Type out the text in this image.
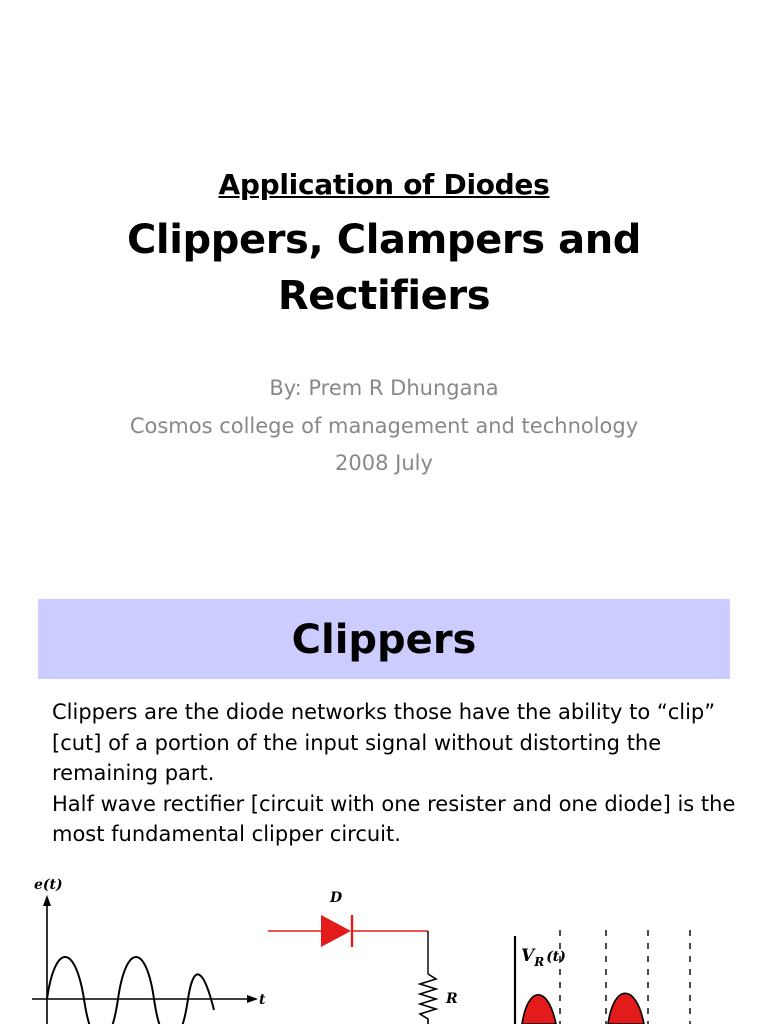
Application of Diodes
Clippers, Clampers and
Rectifiers
By: Prem R Dhungana
Cosmos college of management and technology
2008 July
Clippers

Clippers are the diode networks those have the ability to “clip” [cut] of a portion of the input signal without distorting the remaining part.

Half wave rectifier [circuit with one resister and one diode] is the most fundamental clipper circuit.

e(t)
t
D
R
$V_R$ $^{(t)}$
